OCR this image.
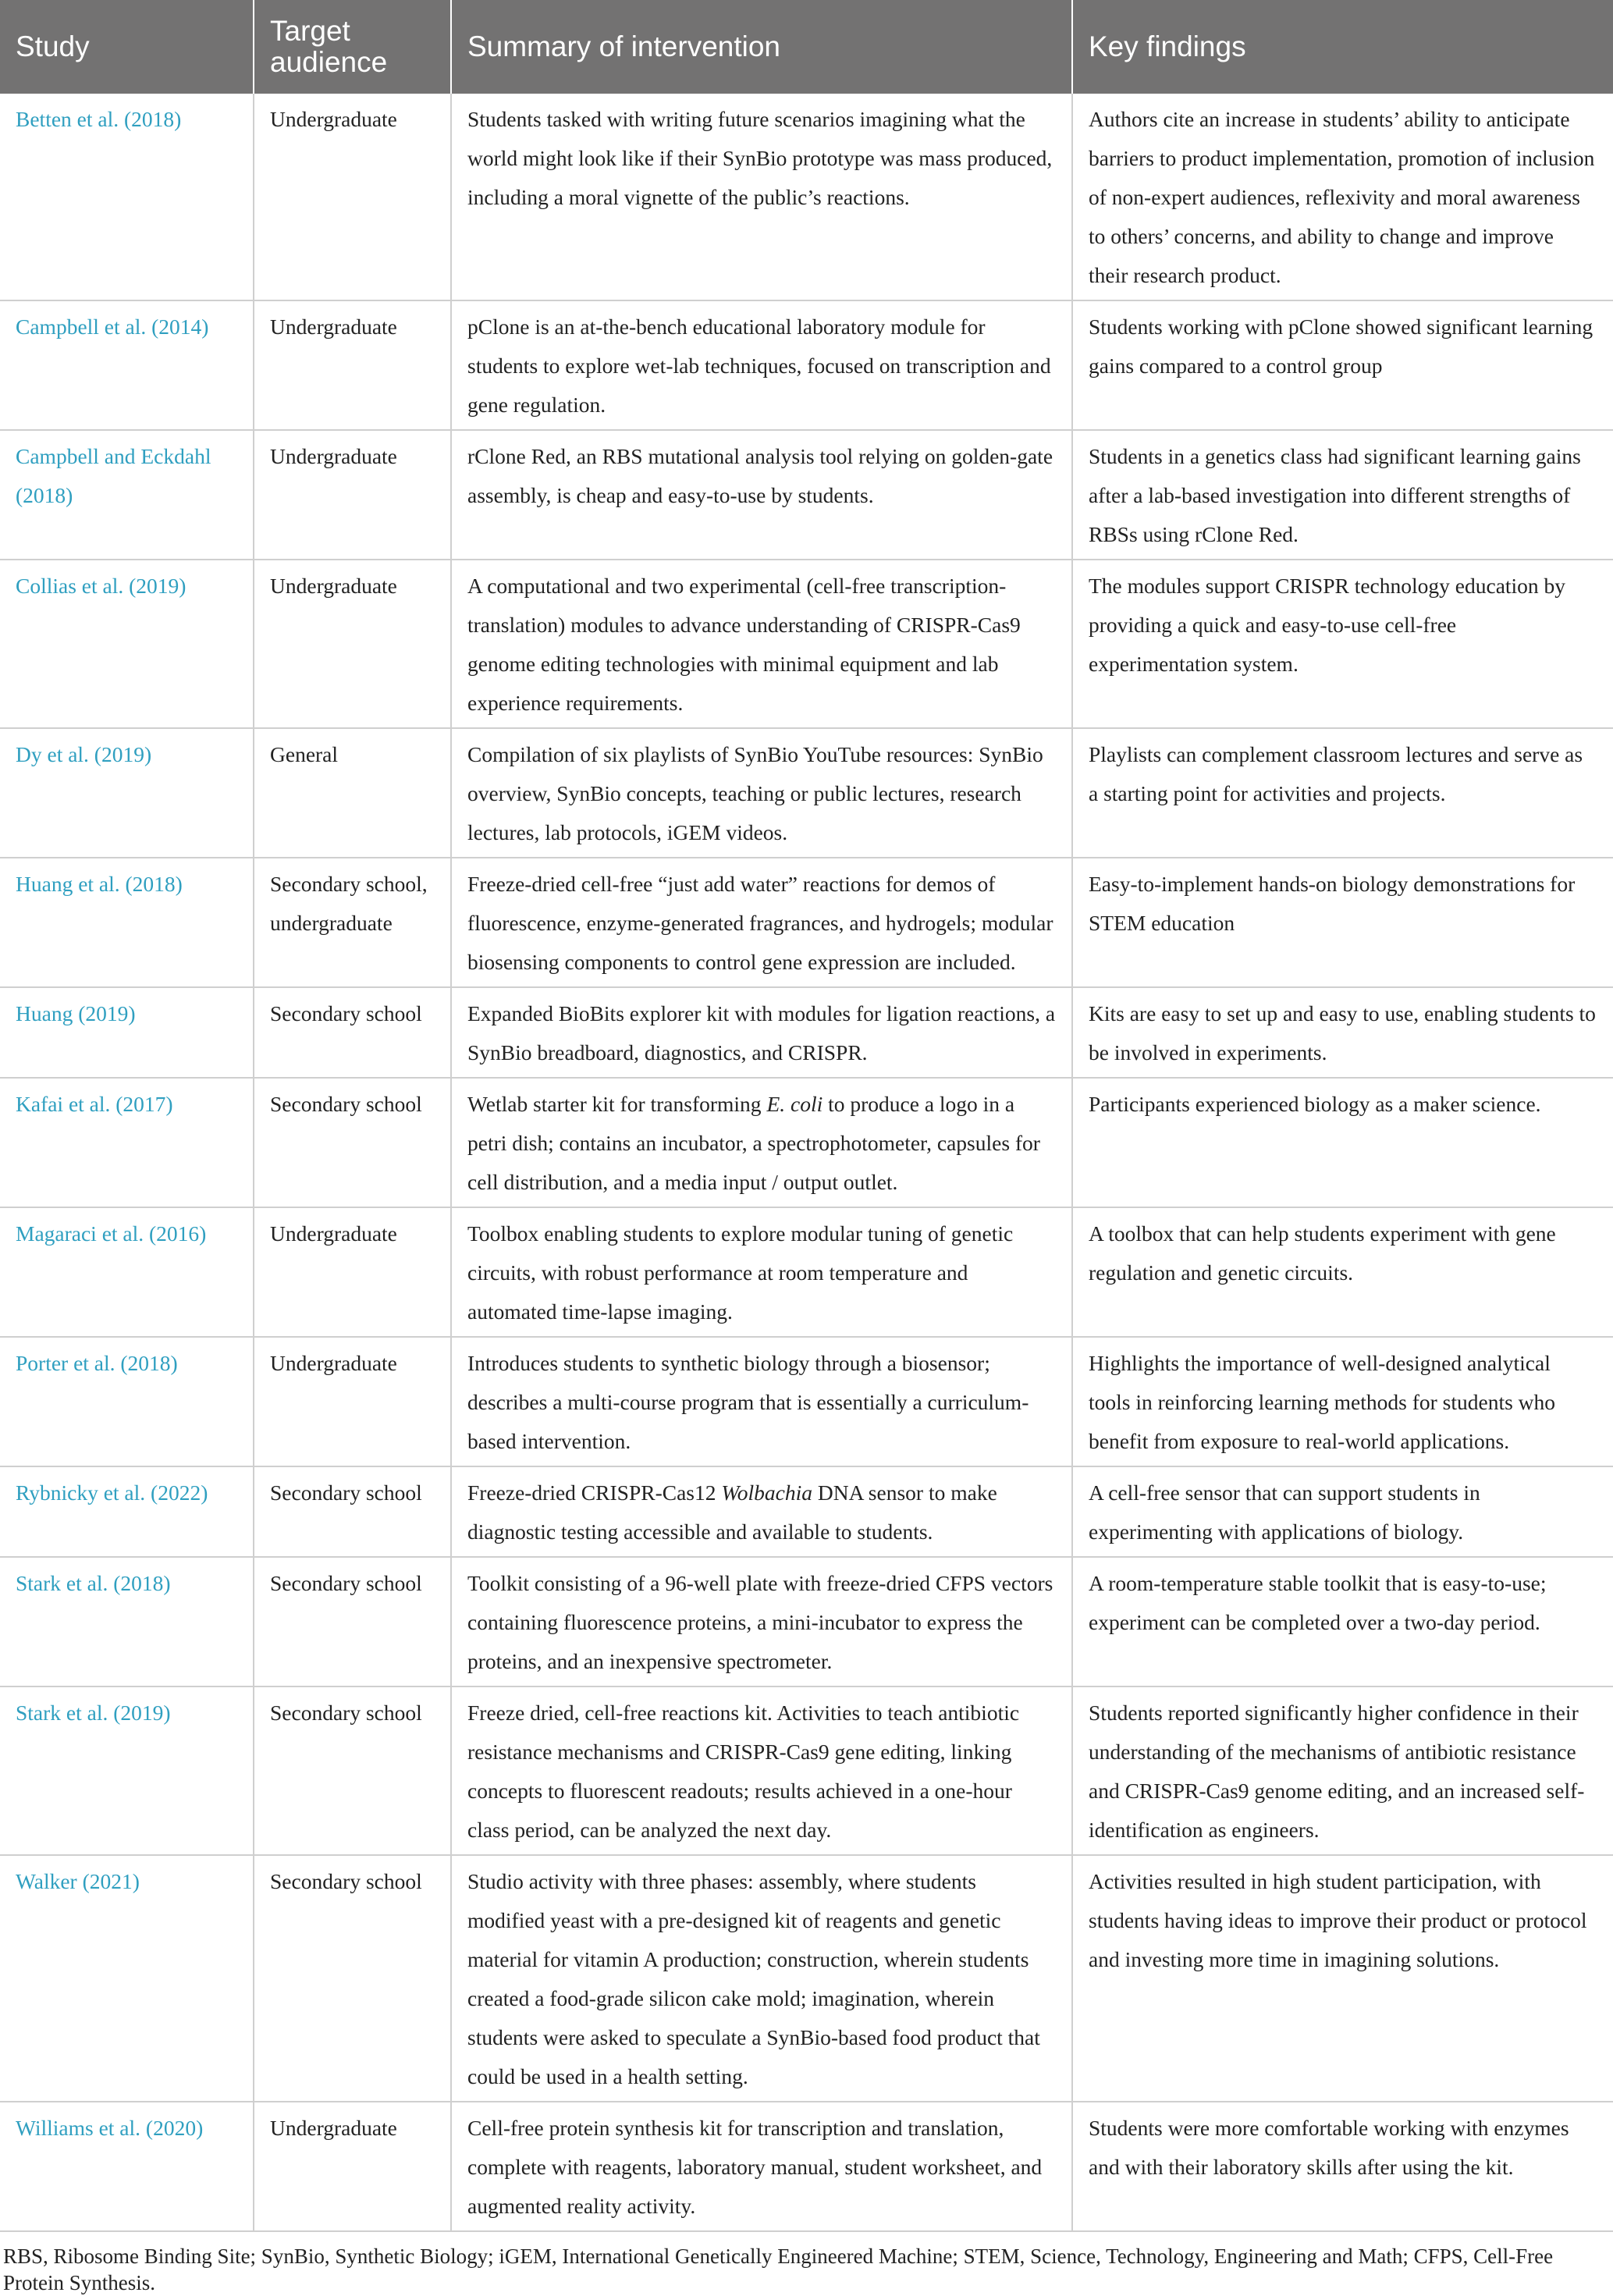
Study	Target audience	Summary of intervention	Key findings
Betten et al. (2018)	Undergraduate	Students tasked with writing future scenarios imagining what the world might look like if their SynBio prototype was mass produced, including a moral vignette of the public’s reactions.	Authors cite an increase in students’ ability to anticipate barriers to product implementation, promotion of inclusion of non-expert audiences, reflexivity and moral awareness to others’ concerns, and ability to change and improve their research product.
Campbell et al. (2014)	Undergraduate	pClone is an at-the-bench educational laboratory module for students to explore wet-lab techniques, focused on transcription and gene regulation.	Students working with pClone showed significant learning gains compared to a control group
Campbell and Eckdahl (2018)	Undergraduate	rClone Red, an RBS mutational analysis tool relying on golden-gate assembly, is cheap and easy-to-use by students.	Students in a genetics class had significant learning gains after a lab-based investigation into different strengths of RBSs using rClone Red.
Collias et al. (2019)	Undergraduate	A computational and two experimental (cell-free transcription-translation) modules to advance understanding of CRISPR-Cas9 genome editing technologies with minimal equipment and lab experience requirements.	The modules support CRISPR technology education by providing a quick and easy-to-use cell-free experimentation system.
Dy et al. (2019)	General	Compilation of six playlists of SynBio YouTube resources: SynBio overview, SynBio concepts, teaching or public lectures, research lectures, lab protocols, iGEM videos.	Playlists can complement classroom lectures and serve as a starting point for activities and projects.
Huang et al. (2018)	Secondary school, undergraduate	Freeze-dried cell-free “just add water” reactions for demos of fluorescence, enzyme-generated fragrances, and hydrogels; modular biosensing components to control gene expression are included.	Easy-to-implement hands-on biology demonstrations for STEM education
Huang (2019)	Secondary school	Expanded BioBits explorer kit with modules for ligation reactions, a SynBio breadboard, diagnostics, and CRISPR.	Kits are easy to set up and easy to use, enabling students to be involved in experiments.
Kafai et al. (2017)	Secondary school	Wetlab starter kit for transforming E. coli to produce a logo in a petri dish; contains an incubator, a spectrophotometer, capsules for cell distribution, and a media input / output outlet.	Participants experienced biology as a maker science.
Magaraci et al. (2016)	Undergraduate	Toolbox enabling students to explore modular tuning of genetic circuits, with robust performance at room temperature and automated time-lapse imaging.	A toolbox that can help students experiment with gene regulation and genetic circuits.
Porter et al. (2018)	Undergraduate	Introduces students to synthetic biology through a biosensor; describes a multi-course program that is essentially a curriculum-based intervention.	Highlights the importance of well-designed analytical tools in reinforcing learning methods for students who benefit from exposure to real-world applications.
Rybnicky et al. (2022)	Secondary school	Freeze-dried CRISPR-Cas12 Wolbachia DNA sensor to make diagnostic testing accessible and available to students.	A cell-free sensor that can support students in experimenting with applications of biology.
Stark et al. (2018)	Secondary school	Toolkit consisting of a 96-well plate with freeze-dried CFPS vectors containing fluorescence proteins, a mini-incubator to express the proteins, and an inexpensive spectrometer.	A room-temperature stable toolkit that is easy-to-use; experiment can be completed over a two-day period.
Stark et al. (2019)	Secondary school	Freeze dried, cell-free reactions kit. Activities to teach antibiotic resistance mechanisms and CRISPR-Cas9 gene editing, linking concepts to fluorescent readouts; results achieved in a one-hour class period, can be analyzed the next day.	Students reported significantly higher confidence in their understanding of the mechanisms of antibiotic resistance and CRISPR-Cas9 genome editing, and an increased self-identification as engineers.
Walker (2021)	Secondary school	Studio activity with three phases: assembly, where students modified yeast with a pre-designed kit of reagents and genetic material for vitamin A production; construction, wherein students created a food-grade silicon cake mold; imagination, wherein students were asked to speculate a SynBio-based food product that could be used in a health setting.	Activities resulted in high student participation, with students having ideas to improve their product or protocol and investing more time in imagining solutions.
Williams et al. (2020)	Undergraduate	Cell-free protein synthesis kit for transcription and translation, complete with reagents, laboratory manual, student worksheet, and augmented reality activity.	Students were more comfortable working with enzymes and with their laboratory skills after using the kit.
RBS, Ribosome Binding Site; SynBio, Synthetic Biology; iGEM, International Genetically Engineered Machine; STEM, Science, Technology, Engineering and Math; CFPS, Cell-Free Protein Synthesis.
